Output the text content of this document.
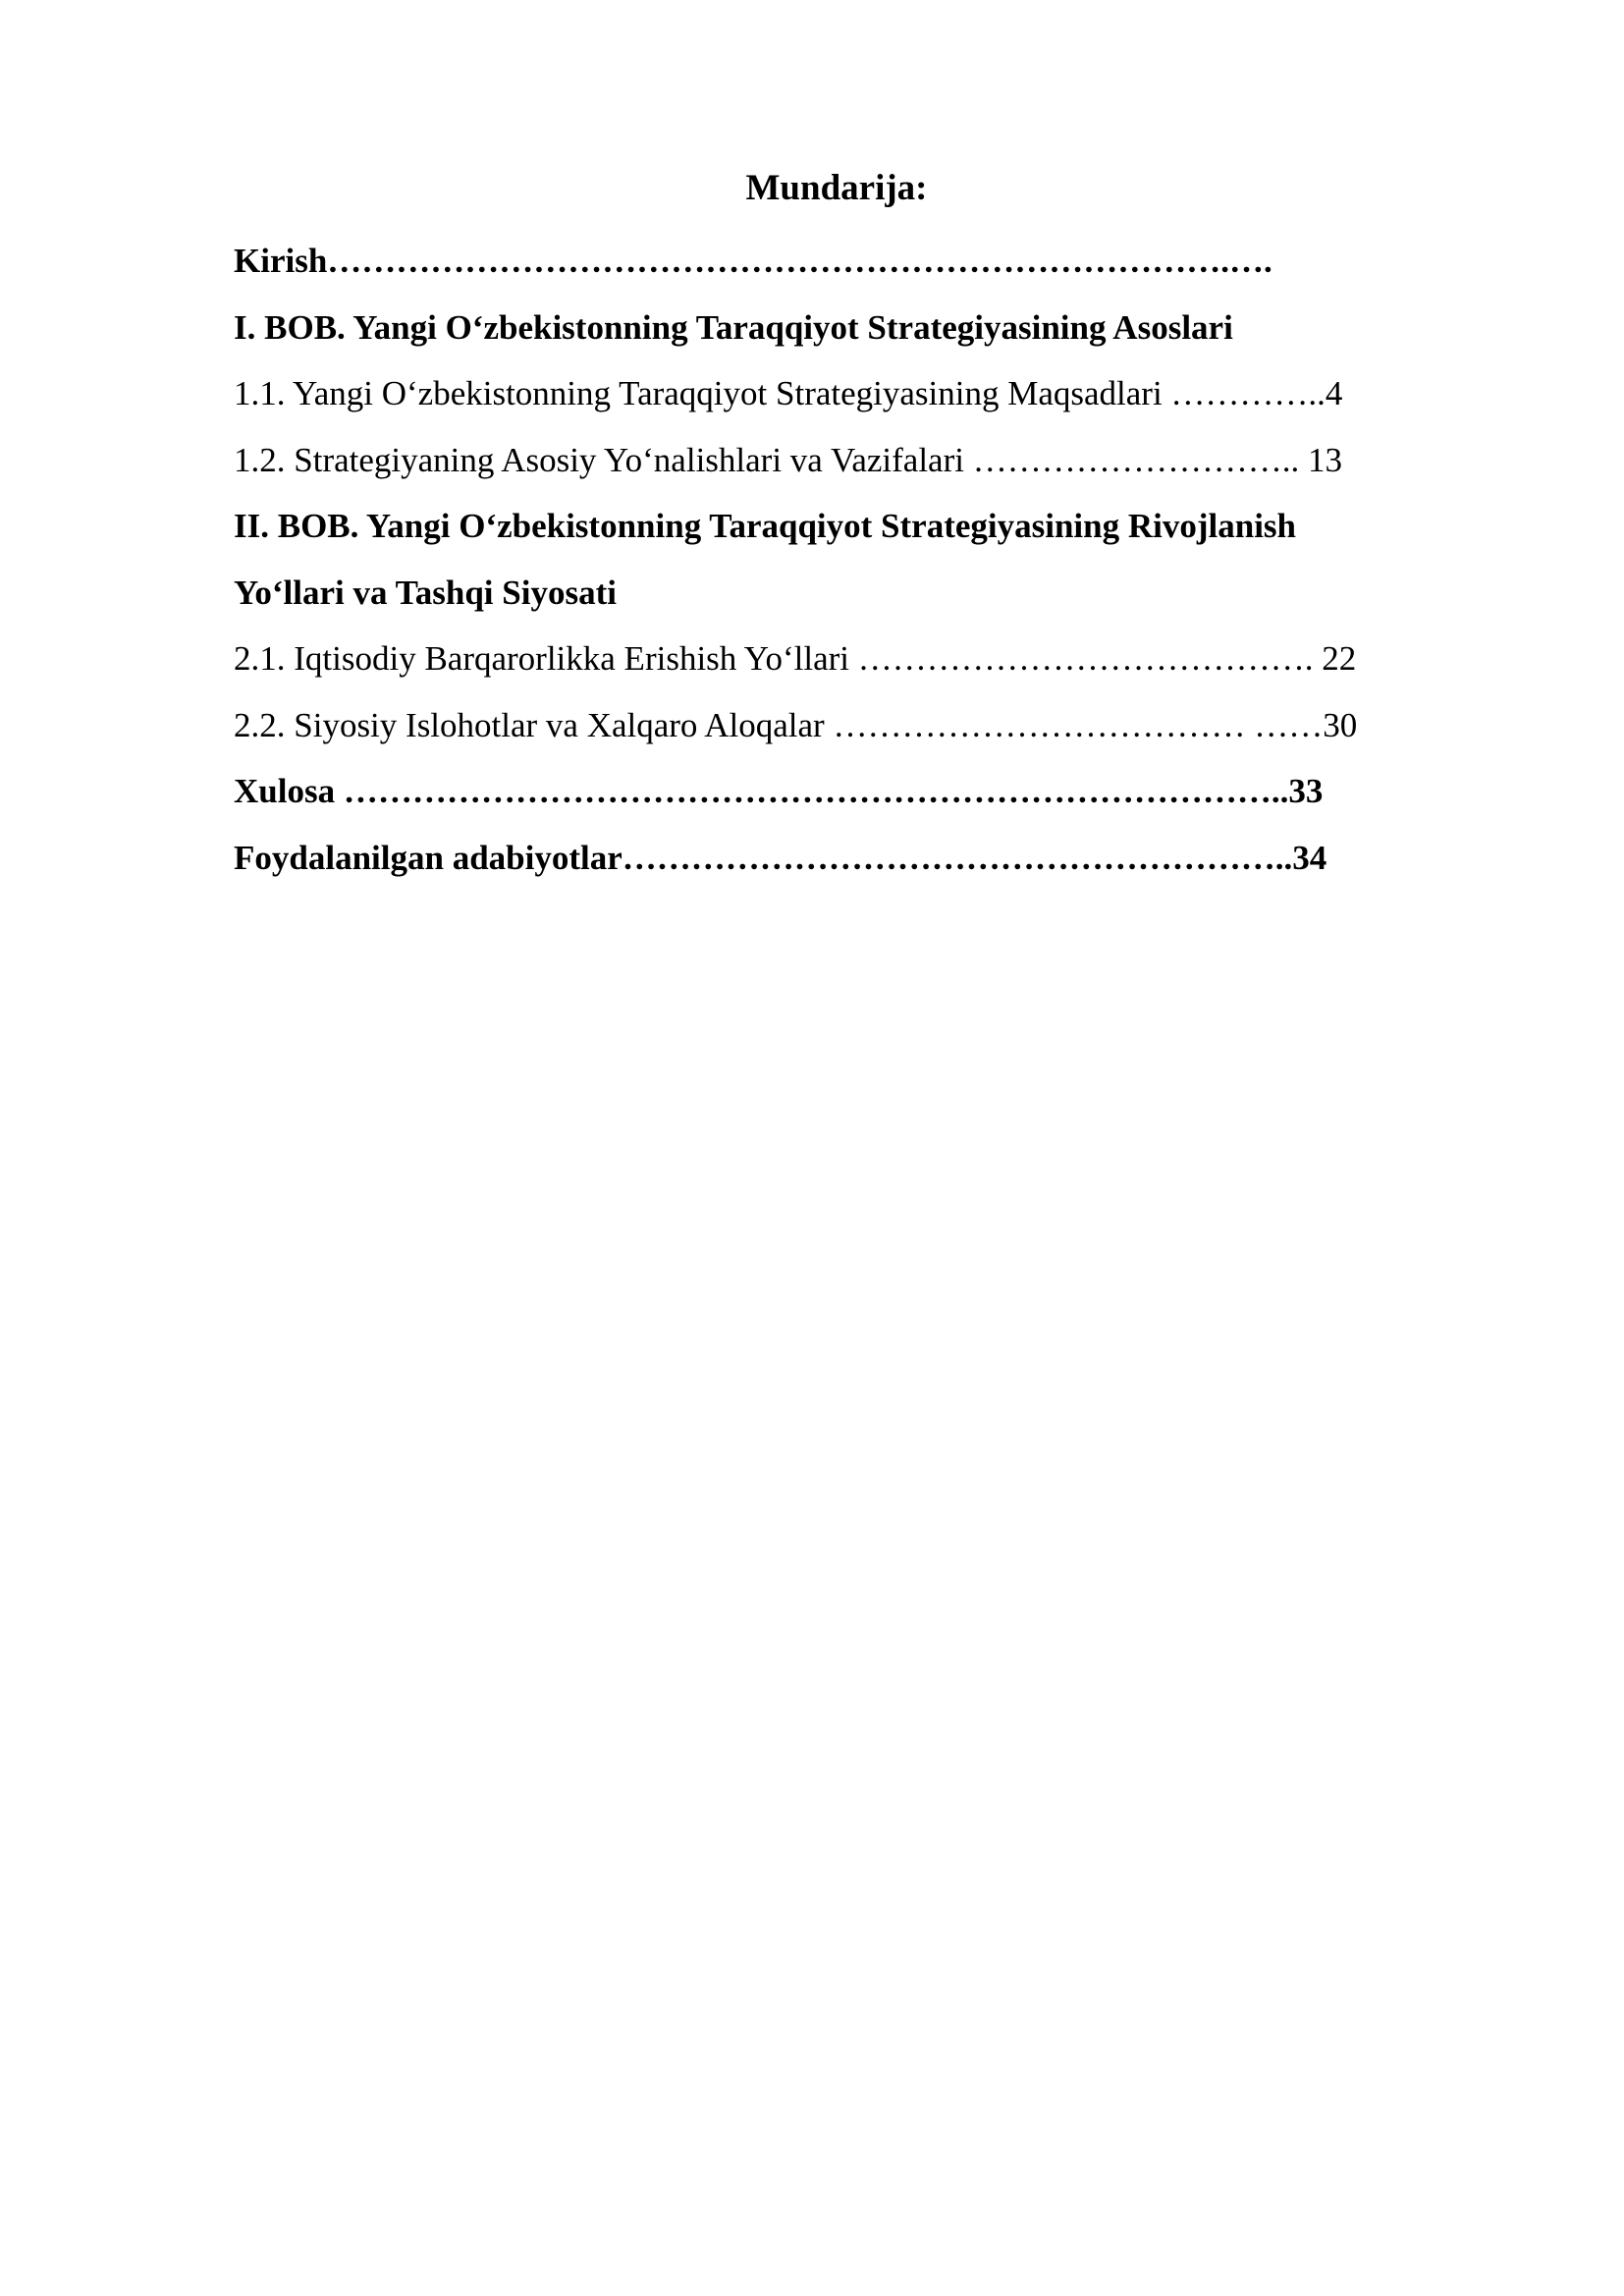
Mundarija:
Kirish…………………………………………………………………….….
I. BOB. Yangi O‘zbekistonning Taraqqiyot Strategiyasining Asoslari
1.1. Yangi O‘zbekistonning Taraqqiyot Strategiyasining Maqsadlari …………..4
1.2. Strategiyaning Asosiy Yo‘nalishlari va Vazifalari ……………………….. 13
II. BOB. Yangi O‘zbekistonning Taraqqiyot Strategiyasining Rivojlanish
Yo‘llari va Tashqi Siyosati
2.1. Iqtisodiy Barqarorlikka Erishish Yo‘llari …………………………………. 22
2.2. Siyosiy Islohotlar va Xalqaro Aloqalar ……………………………… ……30
Xulosa ………………………………………………………………………..33
Foydalanilgan adabiyotlar…………………………………………………..34
